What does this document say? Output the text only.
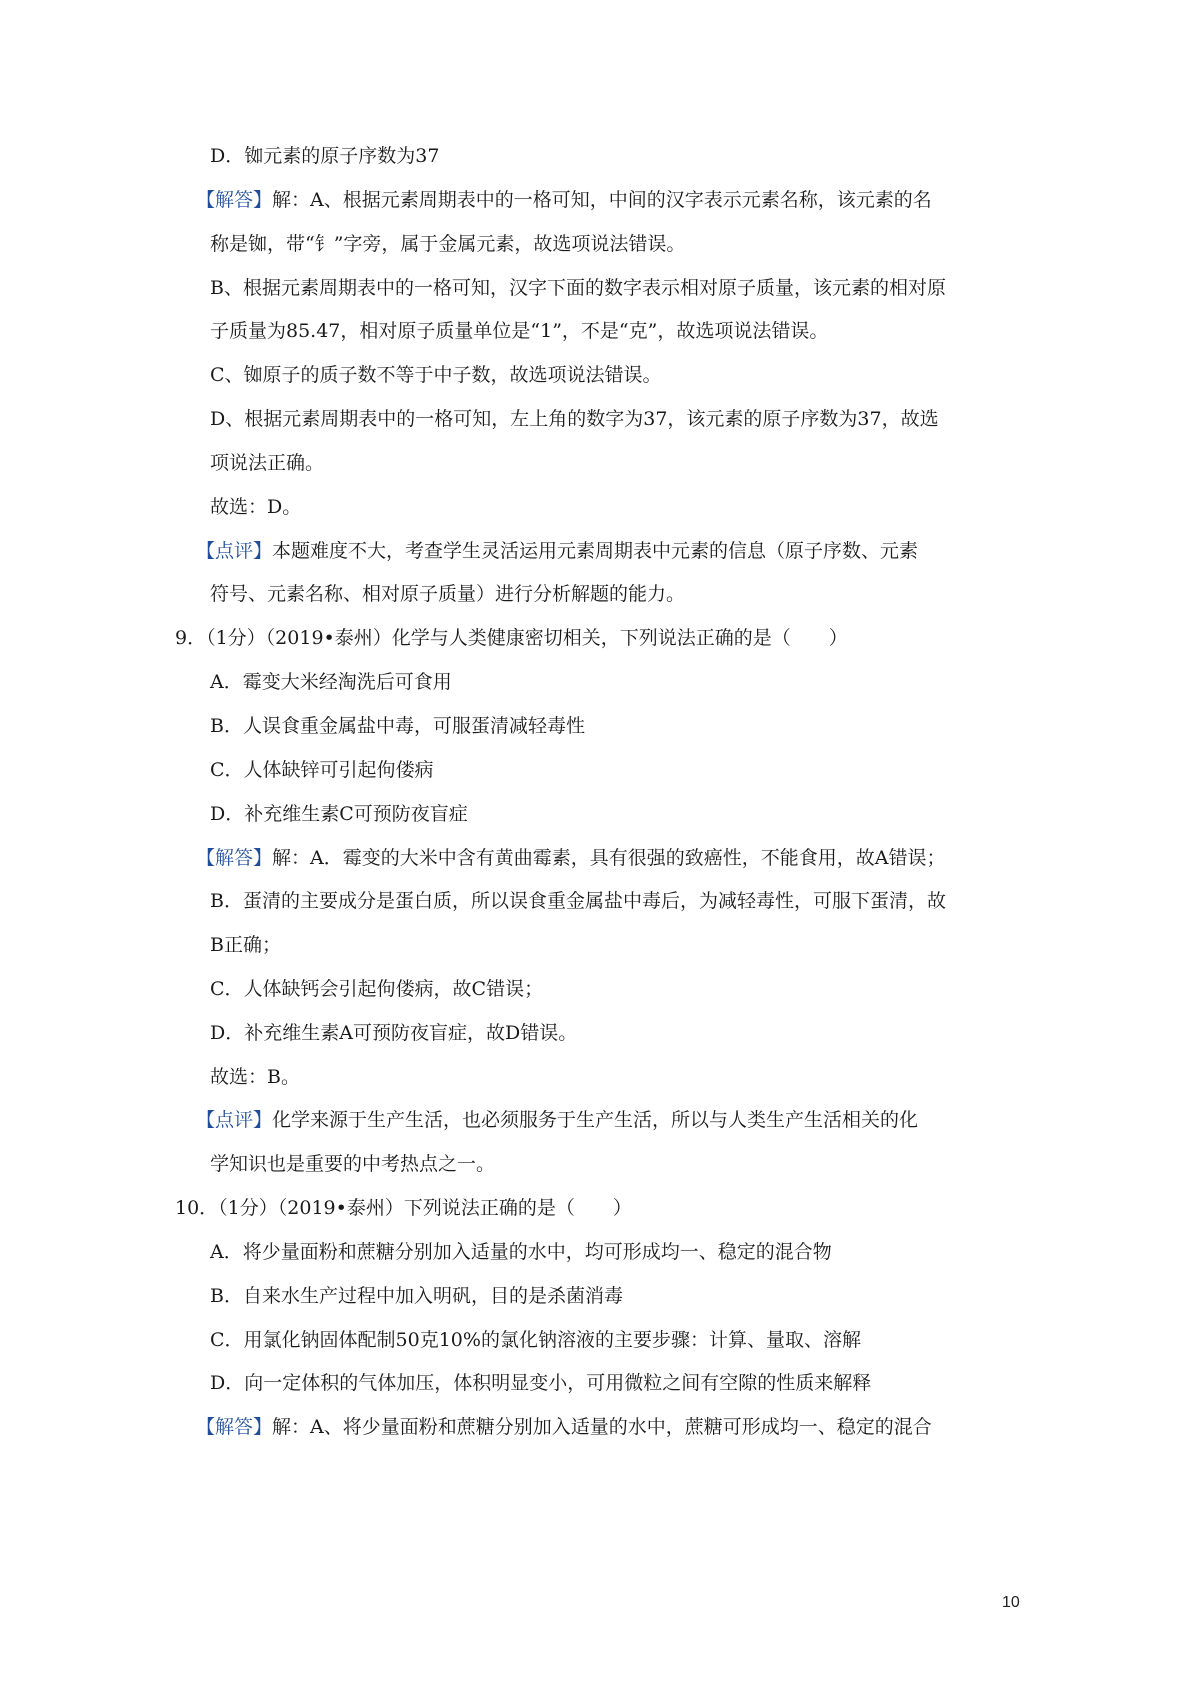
D．铷元素的原子序数为37
【解答】解：A、根据元素周期表中的一格可知，中间的汉字表示元素名称，该元素的名
称是铷，带“钅”字旁，属于金属元素，故选项说法错误。
B、根据元素周期表中的一格可知，汉字下面的数字表示相对原子质量，该元素的相对原
子质量为85.47，相对原子质量单位是“1”，不是“克”，故选项说法错误。
C、铷原子的质子数不等于中子数，故选项说法错误。
D、根据元素周期表中的一格可知，左上角的数字为37，该元素的原子序数为37，故选
项说法正确。
故选：D。
【点评】本题难度不大，考查学生灵活运用元素周期表中元素的信息（原子序数、元素
符号、元素名称、相对原子质量）进行分析解题的能力。
9．（1分）（2019•泰州）化学与人类健康密切相关，下列说法正确的是（　　）
A．霉变大米经淘洗后可食用
B．人误食重金属盐中毒，可服蛋清减轻毒性
C．人体缺锌可引起佝偻病
D．补充维生素C可预防夜盲症
【解答】解：A．霉变的大米中含有黄曲霉素，具有很强的致癌性，不能食用，故A错误；
B．蛋清的主要成分是蛋白质，所以误食重金属盐中毒后，为减轻毒性，可服下蛋清，故
B正确；
C．人体缺钙会引起佝偻病，故C错误；
D．补充维生素A可预防夜盲症，故D错误。
故选：B。
【点评】化学来源于生产生活，也必须服务于生产生活，所以与人类生产生活相关的化
学知识也是重要的中考热点之一。
10．（1分）（2019•泰州）下列说法正确的是（　　）
A．将少量面粉和蔗糖分别加入适量的水中，均可形成均一、稳定的混合物
B．自来水生产过程中加入明矾，目的是杀菌消毒
C．用氯化钠固体配制50克10%的氯化钠溶液的主要步骤：计算、量取、溶解
D．向一定体积的气体加压，体积明显变小，可用微粒之间有空隙的性质来解释
【解答】解：A、将少量面粉和蔗糖分别加入适量的水中，蔗糖可形成均一、稳定的混合
10
